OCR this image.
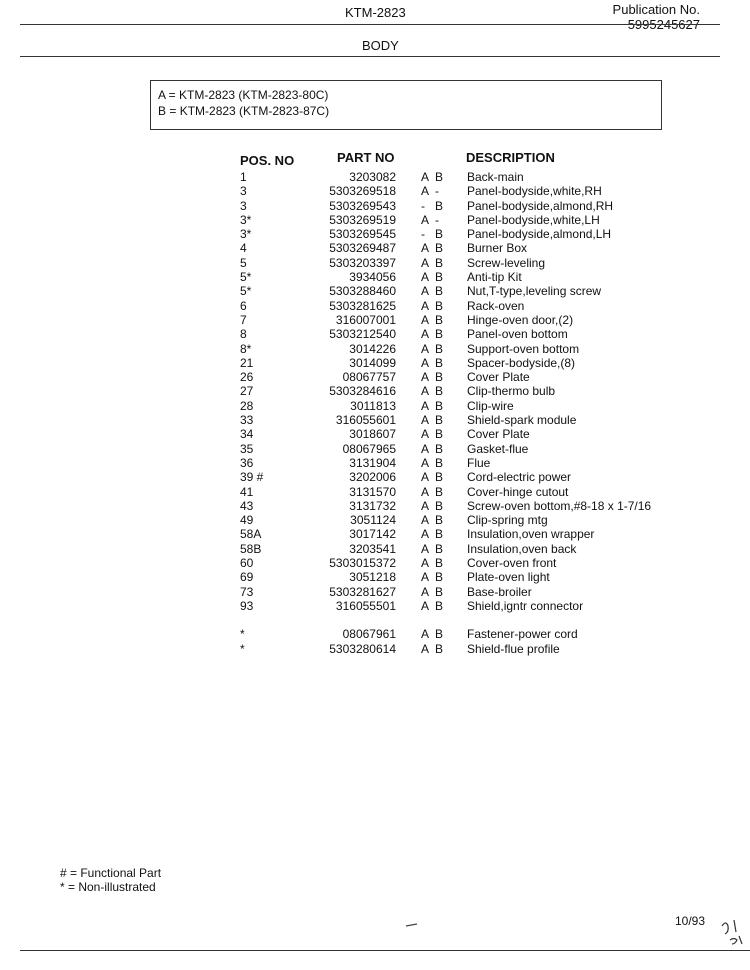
KTM-2823	Publication No.
5995245627
BODY
A = KTM-2823 (KTM-2823-80C)
B = KTM-2823 (KTM-2823-87C)
POS. NO	PART NO	DESCRIPTION
1	3203082 A B Back-main
3	5303269518 A - Panel-bodyside,white,RH
3	5303269543 - B Panel-bodyside,almond,RH
3*	5303269519 A - Panel-bodyside,white,LH
3*	5303269545 - B Panel-bodyside,almond,LH
4	5303269487 A B Burner Box
5	5303203397 A B Screw-leveling
5*	3934056 A B Anti-tip Kit
5*	5303288460 A B Nut,T-type,leveling screw
6	5303281625 A B Rack-oven
7	316007001 A B Hinge-oven door,(2)
8	5303212540 A B Panel-oven bottom
8*	3014226 A B Support-oven bottom
21	3014099 A B Spacer-bodyside,(8)
26	08067757 A B Cover Plate
27	5303284616 A B Clip-thermo bulb
28	3011813 A B Clip-wire
33	316055601 A B Shield-spark module
34	3018607 A B Cover Plate
35	08067965 A B Gasket-flue
36	3131904 A B Flue
39 #	3202006 A B Cord-electric power
41	3131570 A B Cover-hinge cutout
43	3131732 A B Screw-oven bottom,#8-18 x 1-7/16
49	3051124 A B Clip-spring mtg
58A	3017142 A B Insulation,oven wrapper
58B	3203541 A B Insulation,oven back
60	5303015372 A B Cover-oven front
69	3051218 A B Plate-oven light
73	5303281627 A B Base-broiler
93	316055501 A B Shield,igntr connector
*	08067961 A B Fastener-power cord
*	5303280614 A B Shield-flue profile
# = Functional Part
* = Non-illustrated
10/93
